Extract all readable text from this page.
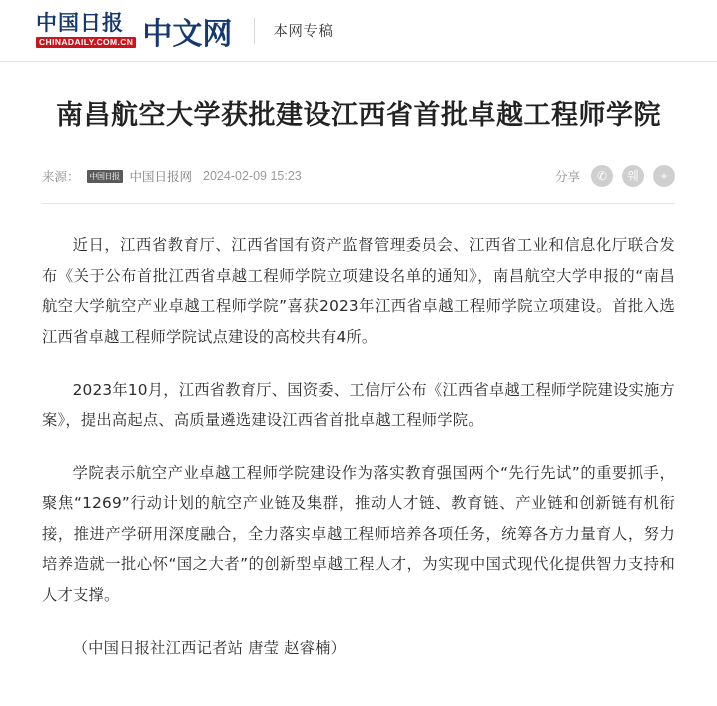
中国日报
CHINADAILY.COM.CN 中文网	本网专稿
南昌航空大学获批建设江西省首批卓越工程师学院
来源：	中国日报 中国日报网 2024-02-09 15:23	分享	✆	웨	+

近日，江西省教育厅、江西省国有资产监督管理委员会、江西省工业和信息化厅联合发布《关于公布首批江西省卓越工程师学院立项建设名单的通知》，南昌航空大学申报的“南昌航空大学航空产业卓越工程师学院”喜获2023年江西省卓越工程师学院立项建设。首批入选江西省卓越工程师学院试点建设的高校共有4所。

2023年10月，江西省教育厅、国资委、工信厅公布《江西省卓越工程师学院建设实施方案》，提出高起点、高质量遴选建设江西省首批卓越工程师学院。

学院表示航空产业卓越工程师学院建设作为落实教育强国两个“先行先试”的重要抓手，聚焦“1269”行动计划的航空产业链及集群，推动人才链、教育链、产业链和创新链有机衔接，推进产学研用深度融合，全力落实卓越工程师培养各项任务，统筹各方力量育人，努力培养造就一批心怀“国之大者”的创新型卓越工程人才，为实现中国式现代化提供智力支持和人才支撑。

（中国日报社江西记者站 唐莹 赵睿楠）
